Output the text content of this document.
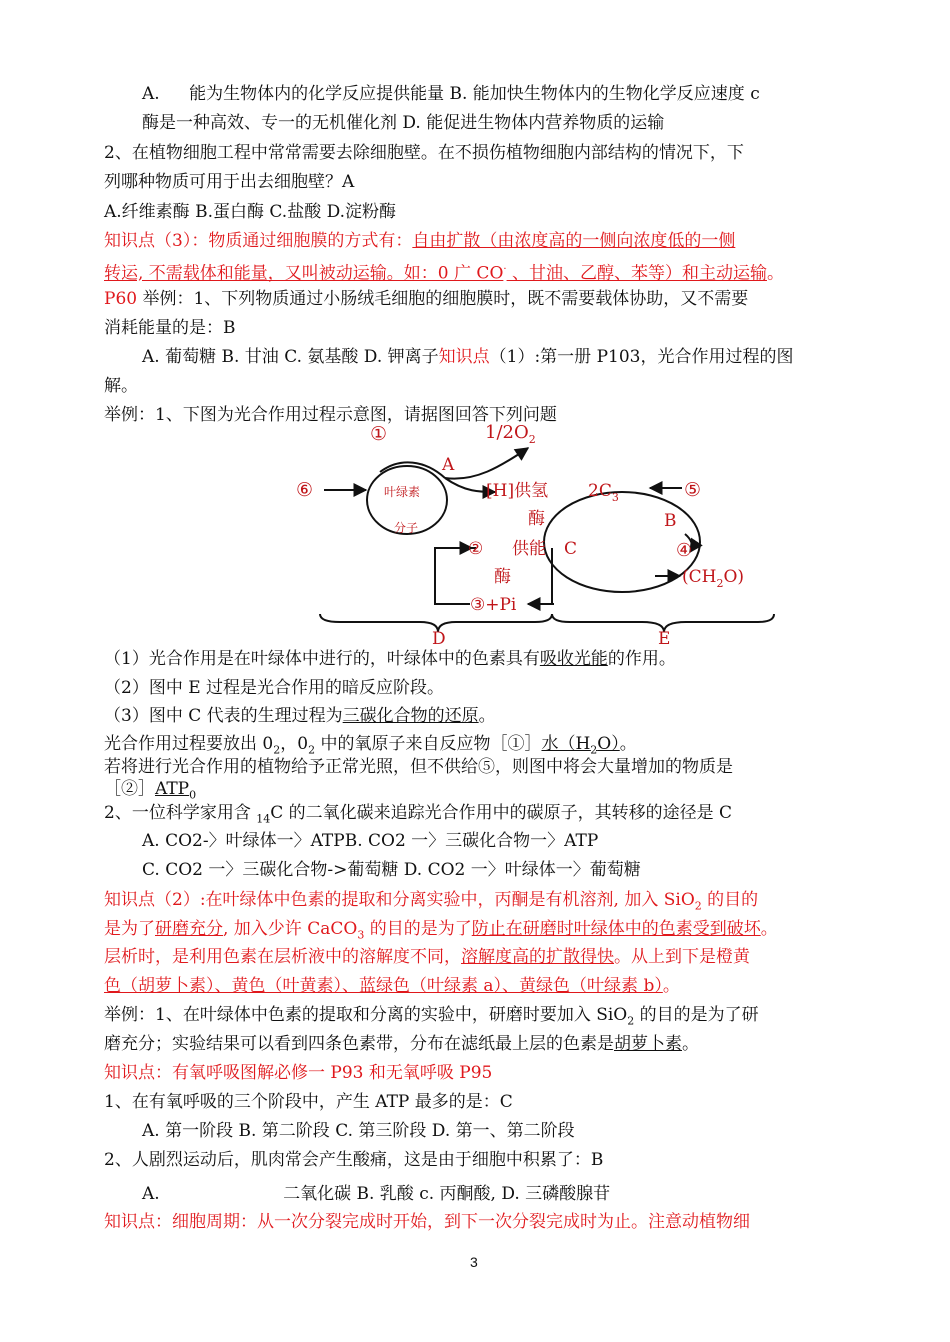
A. 能为生物体内的化学反应提供能量 B. 能加快生物体内的生物化学反应速度 c
酶是一种高效、专一的无机催化剂 D. 能促进生物体内营养物质的运输
2、在植物细胞工程中常常需要去除细胞壁。在不损伤植物细胞内部结构的情况下，下
列哪种物质可用于出去细胞壁？A
A.纤维素酶 B.蛋白酶 C.盐酸 D.淀粉酶
知识点（3）：物质通过细胞膜的方式有：自由扩散（由浓度高的一侧向浓度低的一侧
转运, 不需载体和能量，又叫被动运输。如：0 广 CO· 、甘油、乙醇、苯等）和主动运输。
P60 举例：1、下列物质通过小肠绒毛细胞的细胞膜时，既不需要载体协助，又不需要
消耗能量的是：B
A. 葡萄糖 B. 甘油 C. 氨基酸 D. 钾离子知识点（1）:第一册 P103，光合作用过程的图
解。
举例：1、下图为光合作用过程示意图，请据图回答下列问题
①	$1/2O_2$
A
⑥	叶绿素
分子
[H]供氢
酶
$2C_3$	⑤
B
② 供能 C	④
酶	$(CH_2O)$
③+Pi
D	E
（1）光合作用是在叶绿体中进行的，叶绿体中的色素具有吸收光能的作用。
（2）图中 E 过程是光合作用的暗反应阶段。
（3）图中 C 代表的生理过程为三碳化合物的还原。
光合作用过程要放出 $0_2$，$0_2$ 中的氧原子来自反应物［①］水$(H_2O)$。
若将进行光合作用的植物给予正常光照，但不供给⑤，则图中将会大量增加的物质是
$[②]ATP_0$
2、一位科学家用含 $_{14}$C 的二氧化碳来追踪光合作用中的碳原子，其转移的途径是 C
A. CO2-〉叶绿体一〉ATPB. CO2 一〉三碳化合物一〉ATP
C. CO2 一〉三碳化合物->葡萄糖 D. CO2 一〉叶绿体一〉葡萄糖
知识点（2）:在叶绿体中色素的提取和分离实验中，丙酮是有机溶剂, 加入 SiO$_2$ 的目的
是为了研磨充分, 加入少许 CaCO$_3$ 的目的是为了防止在研磨时叶绿体中的色素受到破坏。
层析时，是利用色素在层析液中的溶解度不同，溶解度高的扩散得快。从上到下是橙黄
色（胡萝卜素）、黄色（叶黄素）、蓝绿色（叶绿素 a）、黄绿色（叶绿素 b）。
举例：1、在叶绿体中色素的提取和分离的实验中，研磨时要加入 SiO$_2$ 的目的是为了研
磨充分；实验结果可以看到四条色素带，分布在滤纸最上层的色素是胡萝卜素。
知识点：有氧呼吸图解必修一 P93 和无氧呼吸 P95
1、在有氧呼吸的三个阶段中，产生 ATP 最多的是：C
A. 第一阶段 B. 第二阶段 C. 第三阶段 D. 第一、第二阶段
2、人剧烈运动后，肌肉常会产生酸痛，这是由于细胞中积累了：B
A.	二氧化碳 B. 乳酸 c. 丙酮酸, D. 三磷酸腺苷
知识点：细胞周期：从一次分裂完成时开始，到下一次分裂完成时为止。注意动植物细
3
